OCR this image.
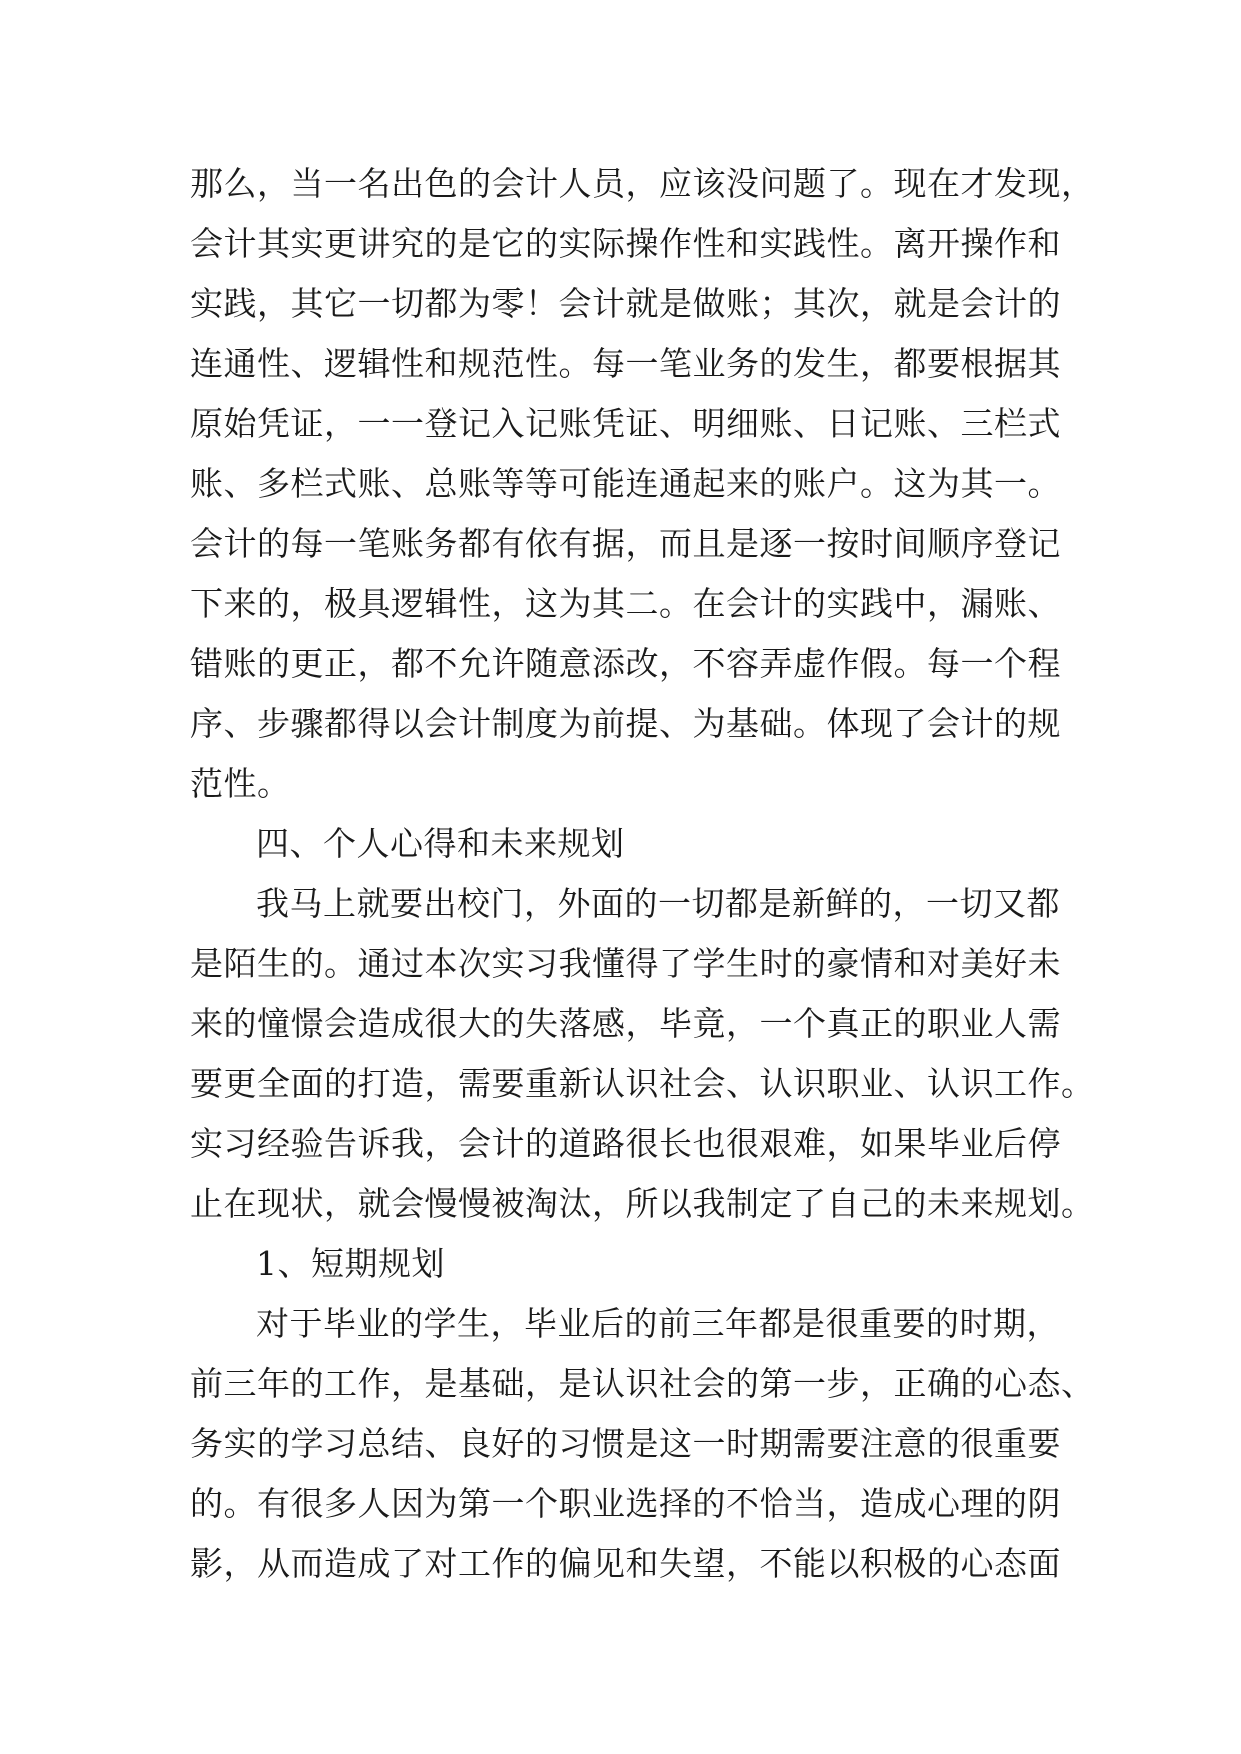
那么，当一名出色的会计人员，应该没问题了。现在才发现，
会计其实更讲究的是它的实际操作性和实践性。离开操作和
实践，其它一切都为零！会计就是做账；其次，就是会计的
连通性、逻辑性和规范性。每一笔业务的发生，都要根据其
原始凭证，一一登记入记账凭证、明细账、日记账、三栏式
账、多栏式账、总账等等可能连通起来的账户。这为其一。
会计的每一笔账务都有依有据，而且是逐一按时间顺序登记
下来的，极具逻辑性，这为其二。在会计的实践中，漏账、
错账的更正，都不允许随意添改，不容弄虚作假。每一个程
序、步骤都得以会计制度为前提、为基础。体现了会计的规
范性。
四、个人心得和未来规划
我马上就要出校门，外面的一切都是新鲜的，一切又都
是陌生的。通过本次实习我懂得了学生时的豪情和对美好未
来的憧憬会造成很大的失落感，毕竟，一个真正的职业人需
要更全面的打造，需要重新认识社会、认识职业、认识工作。
实习经验告诉我，会计的道路很长也很艰难，如果毕业后停
止在现状，就会慢慢被淘汰，所以我制定了自己的未来规划。
1、短期规划
对于毕业的学生，毕业后的前三年都是很重要的时期，
前三年的工作，是基础，是认识社会的第一步，正确的心态、
务实的学习总结、良好的习惯是这一时期需要注意的很重要
的。有很多人因为第一个职业选择的不恰当，造成心理的阴
影，从而造成了对工作的偏见和失望，不能以积极的心态面
